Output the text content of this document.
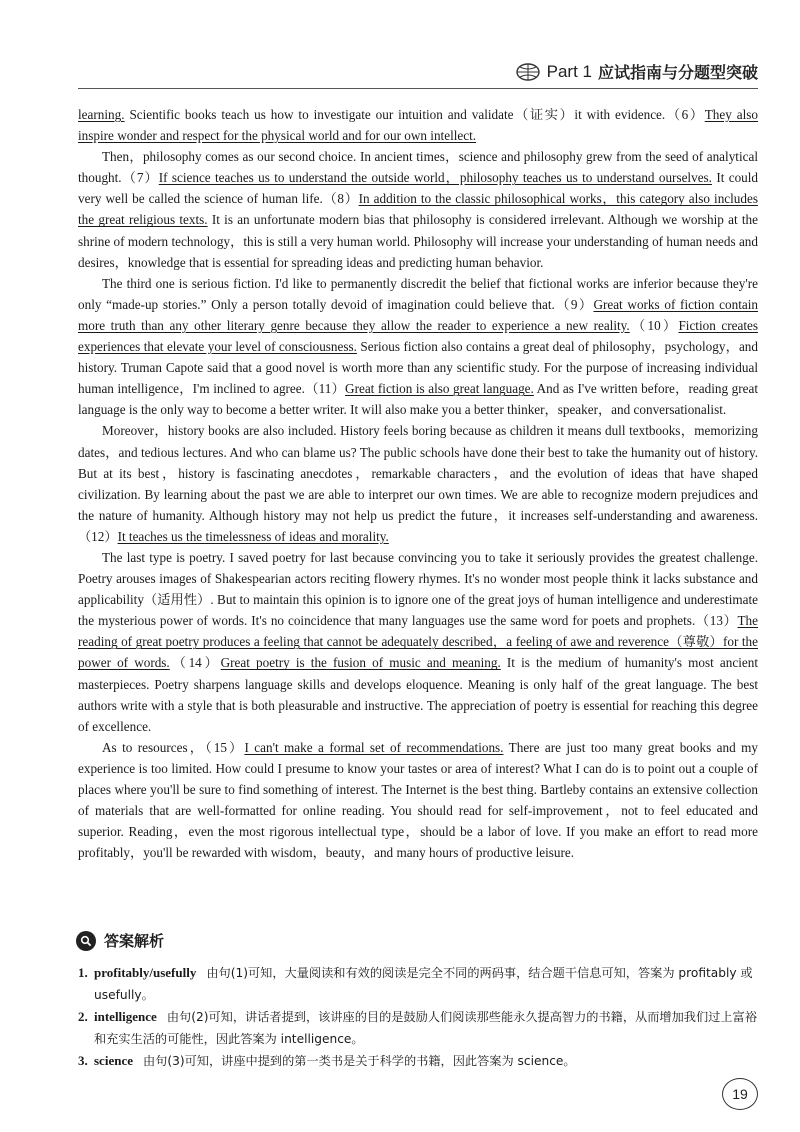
Part 1 应试指南与分题型突破

learning. Scientific books teach us how to investigate our intuition and validate（证实）it with evidence.（6）They also inspire wonder and respect for the physical world and for our own intellect.

Then，philosophy comes as our second choice. In ancient times，science and philosophy grew from the seed of analytical thought.（7）If science teaches us to understand the outside world，philosophy teaches us to understand ourselves. It could very well be called the science of human life.（8）In addition to the classic philosophical works，this category also includes the great religious texts. It is an unfortunate modern bias that philosophy is considered irrelevant. Although we worship at the shrine of modern technology，this is still a very human world. Philosophy will increase your understanding of human needs and desires，knowledge that is essential for spreading ideas and predicting human behavior.

The third one is serious fiction. I'd like to permanently discredit the belief that fictional works are inferior because they're only “made-up stories.” Only a person totally devoid of imagination could believe that.（9）Great works of fiction contain more truth than any other literary genre because they allow the reader to experience a new reality.（10）Fiction creates experiences that elevate your level of consciousness. Serious fiction also contains a great deal of philosophy，psychology，and history. Truman Capote said that a good novel is worth more than any scientific study. For the purpose of increasing individual human intelligence，I'm inclined to agree.（11）Great fiction is also great language. And as I've written before，reading great language is the only way to become a better writer. It will also make you a better thinker，speaker，and conversationalist.

Moreover，history books are also included. History feels boring because as children it means dull textbooks，memorizing dates，and tedious lectures. And who can blame us? The public schools have done their best to take the humanity out of history. But at its best，history is fascinating anecdotes，remarkable characters，and the evolution of ideas that have shaped civilization. By learning about the past we are able to interpret our own times. We are able to recognize modern prejudices and the nature of humanity. Although history may not help us predict the future，it increases self-understanding and awareness.（12）It teaches us the timelessness of ideas and morality.

The last type is poetry. I saved poetry for last because convincing you to take it seriously provides the greatest challenge. Poetry arouses images of Shakespearian actors reciting flowery rhymes. It's no wonder most people think it lacks substance and applicability（适用性）. But to maintain this opinion is to ignore one of the great joys of human intelligence and underestimate the mysterious power of words. It's no coincidence that many languages use the same word for poets and prophets.（13）The reading of great poetry produces a feeling that cannot be adequately described，a feeling of awe and reverence（尊敬）for the power of words.（14）Great poetry is the fusion of music and meaning. It is the medium of humanity's most ancient masterpieces. Poetry sharpens language skills and develops eloquence. Meaning is only half of the great language. The best authors write with a style that is both pleasurable and instructive. The appreciation of poetry is essential for reaching this degree of excellence.

As to resources，（15）I can't make a formal set of recommendations. There are just too many great books and my experience is too limited. How could I presume to know your tastes or area of interest? What I can do is to point out a couple of places where you'll be sure to find something of interest. The Internet is the best thing. Bartleby contains an extensive collection of materials that are well-formatted for online reading. You should read for self-improvement，not to feel educated and superior. Reading，even the most rigorous intellectual type，should be a labor of love. If you make an effort to read more profitably，you'll be rewarded with wisdom，beauty，and many hours of productive leisure.

答案解析
1. profitably/usefully 由句(1)可知，大量阅读和有效的阅读是完全不同的两码事，结合题干信息可知，答案为 profitably 或 usefully。
2. intelligence 由句(2)可知，讲话者提到，该讲座的目的是鼓励人们阅读那些能永久提高智力的书籍，从而增加我们过上富裕和充实生活的可能性，因此答案为 intelligence。
3. science 由句(3)可知，讲座中提到的第一类书是关于科学的书籍，因此答案为 science。
19
